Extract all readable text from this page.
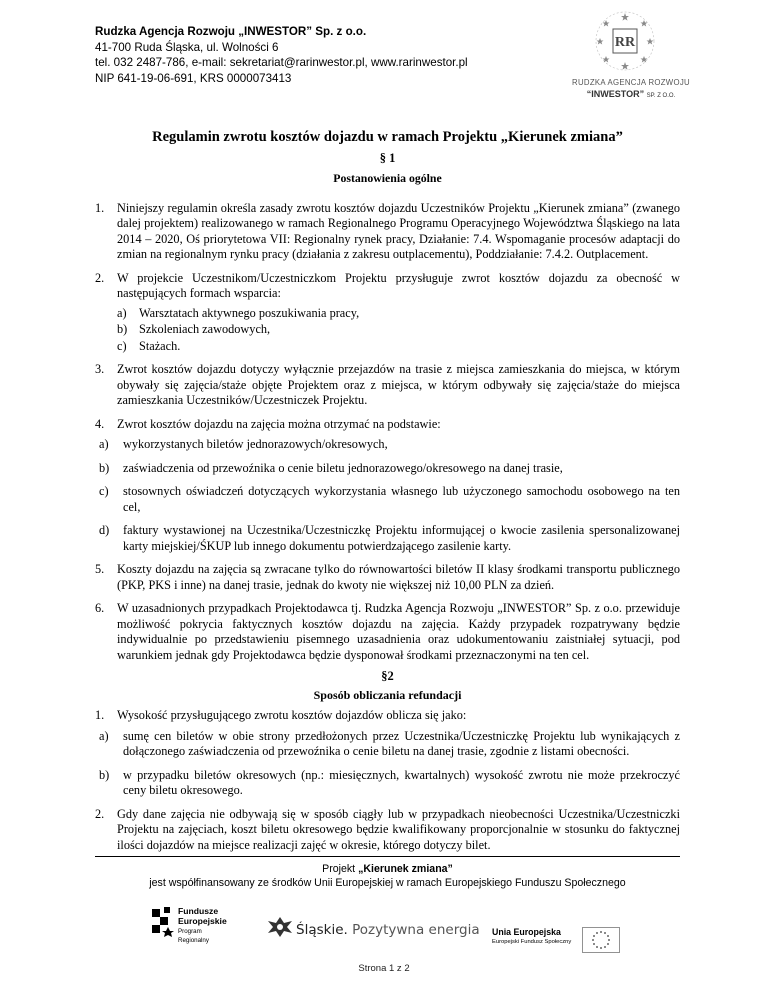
Rudzka Agencja Rozwoju „INWESTOR” Sp. z o.o.
41-700 Ruda Śląska, ul. Wolności 6
tel. 032 2487-786, e-mail: sekretariat@rarinwestor.pl, www.rarinwestor.pl
NIP 641-19-06-691, KRS 0000073413
RR
RUDZKA AGENCJA ROZWOJU
“INWESTOR” SP. Z O.O.
Regulamin zwrotu kosztów dojazdu w ramach Projektu „Kierunek zmiana”
§ 1
Postanowienia ogólne
1. Niniejszy regulamin określa zasady zwrotu kosztów dojazdu Uczestników Projektu „Kierunek zmiana” (zwanego dalej projektem) realizowanego w ramach Regionalnego Programu Operacyjnego Województwa Śląskiego na lata 2014 – 2020, Oś priorytetowa VII: Regionalny rynek pracy, Działanie: 7.4. Wspomaganie procesów adaptacji do zmian na regionalnym rynku pracy (działania z zakresu outplacementu), Poddziałanie: 7.4.2. Outplacement.
2. W projekcie Uczestnikom/Uczestniczkom Projektu przysługuje zwrot kosztów dojazdu za obecność w następujących formach wsparcia:
a) Warsztatach aktywnego poszukiwania pracy,
b) Szkoleniach zawodowych,
c) Stażach.
3. Zwrot kosztów dojazdu dotyczy wyłącznie przejazdów na trasie z miejsca zamieszkania do miejsca, w którym obywały się zajęcia/staże objęte Projektem oraz z miejsca, w którym odbywały się zajęcia/staże do miejsca zamieszkania Uczestników/Uczestniczek Projektu.
4. Zwrot kosztów dojazdu na zajęcia można otrzymać na podstawie:
a) wykorzystanych biletów jednorazowych/okresowych,
b) zaświadczenia od przewoźnika o cenie biletu jednorazowego/okresowego na danej trasie,
c) stosownych oświadczeń dotyczących wykorzystania własnego lub użyczonego samochodu osobowego na ten cel,
d) faktury wystawionej na Uczestnika/Uczestniczkę Projektu informującej o kwocie zasilenia spersonalizowanej karty miejskiej/ŚKUP lub innego dokumentu potwierdzającego zasilenie karty.
5. Koszty dojazdu na zajęcia są zwracane tylko do równowartości biletów II klasy środkami transportu publicznego (PKP, PKS i inne) na danej trasie, jednak do kwoty nie większej niż 10,00 PLN za dzień.
6. W uzasadnionych przypadkach Projektodawca tj. Rudzka Agencja Rozwoju „INWESTOR” Sp. z o.o. przewiduje możliwość pokrycia faktycznych kosztów dojazdu na zajęcia. Każdy przypadek rozpatrywany będzie indywidualnie po przedstawieniu pisemnego uzasadnienia oraz udokumentowaniu zaistniałej sytuacji, pod warunkiem jednak gdy Projektodawca będzie dysponował środkami przeznaczonymi na ten cel.
§2
Sposób obliczania refundacji
1. Wysokość przysługującego zwrotu kosztów dojazdów oblicza się jako:
a) sumę cen biletów w obie strony przedłożonych przez Uczestnika/Uczestniczkę Projektu lub wynikających z dołączonego zaświadczenia od przewoźnika o cenie biletu na danej trasie, zgodnie z listami obecności.
b) w przypadku biletów okresowych (np.: miesięcznych, kwartalnych) wysokość zwrotu nie może przekroczyć ceny biletu okresowego.
2. Gdy dane zajęcia nie odbywają się w sposób ciągły lub w przypadkach nieobecności Uczestnika/Uczestniczki Projektu na zajęciach, koszt biletu okresowego będzie kwalifikowany proporcjonalnie w stosunku do faktycznej ilości dojazdów na miejsce realizacji zajęć w okresie, którego dotyczy bilet.
Projekt „Kierunek zmiana”
jest współfinansowany ze środków Unii Europejskiej w ramach Europejskiego Funduszu Społecznego
Fundusze
Europejskie
Program Regionalny
Śląskie. Pozytywna energia Unia Europejska
Europejski Fundusz Społeczny
Strona 1 z 2
